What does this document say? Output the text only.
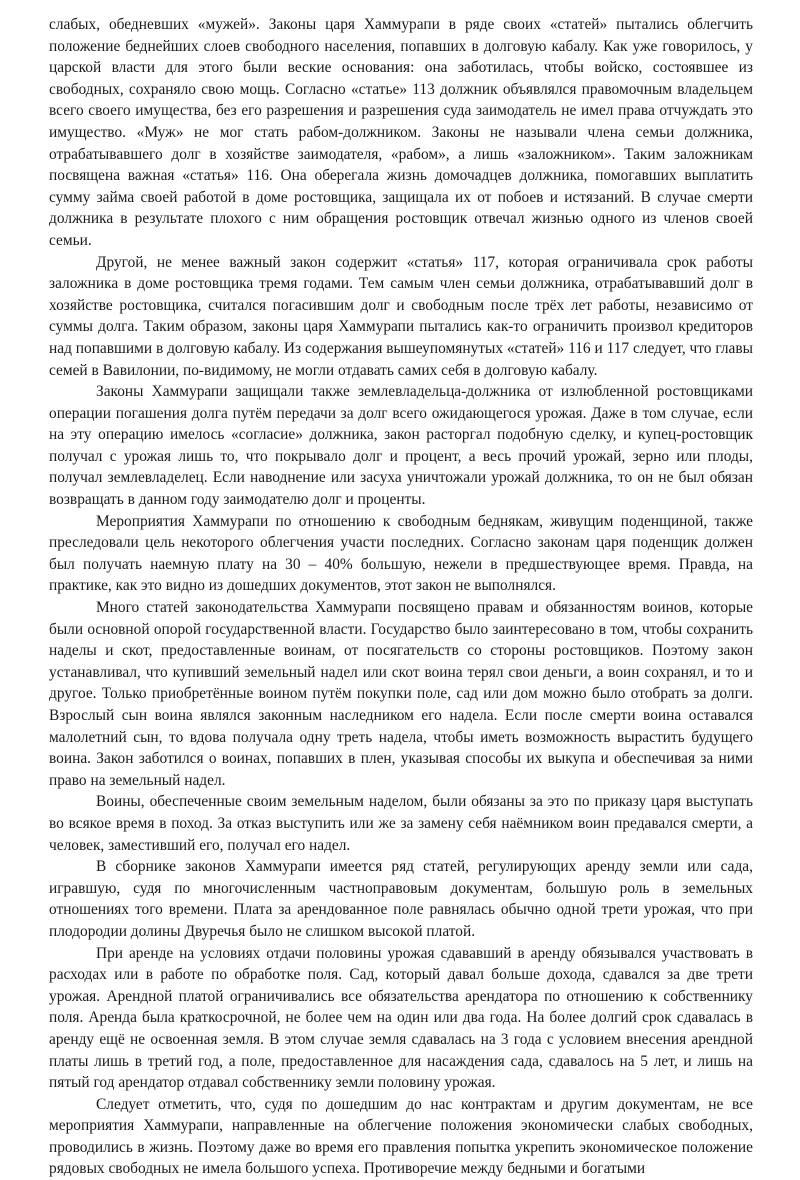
слабых, обедневших «мужей». Законы царя Хаммурапи в ряде своих «статей» пытались облегчить положение беднейших слоев свободного населения, попавших в долговую кабалу. Как уже говорилось, у царской власти для этого были веские основания: она заботилась, чтобы войско, состоявшее из свободных, сохраняло свою мощь. Согласно «статье» 113 должник объявлялся правомочным владельцем всего своего имущества, без его разрешения и разрешения суда заимодатель не имел права отчуждать это имущество. «Муж» не мог стать рабом-должником. Законы не называли члена семьи должника, отрабатывавшего долг в хозяйстве заимодателя, «рабом», а лишь «заложником». Таким заложникам посвящена важная «статья» 116. Она оберегала жизнь домочадцев должника, помогавших выплатить сумму займа своей работой в доме ростовщика, защищала их от побоев и истязаний. В случае смерти должника в результате плохого с ним обращения ростовщик отвечал жизнью одного из членов своей семьи.

Другой, не менее важный закон содержит «статья» 117, которая ограничивала срок работы заложника в доме ростовщика тремя годами. Тем самым член семьи должника, отрабатывавший долг в хозяйстве ростовщика, считался погасившим долг и свободным после трёх лет работы, независимо от суммы долга. Таким образом, законы царя Хаммурапи пытались как-то ограничить произвол кредиторов над попавшими в долговую кабалу. Из содержания вышеупомянутых «статей» 116 и 117 следует, что главы семей в Вавилонии, по-видимому, не могли отдавать самих себя в долговую кабалу.

Законы Хаммурапи защищали также землевладельца-должника от излюбленной ростовщиками операции погашения долга путём передачи за долг всего ожидающегося урожая. Даже в том случае, если на эту операцию имелось «согласие» должника, закон расторгал подобную сделку, и купец-ростовщик получал с урожая лишь то, что покрывало долг и процент, а весь прочий урожай, зерно или плоды, получал землевладелец. Если наводнение или засуха уничтожали урожай должника, то он не был обязан возвращать в данном году заимодателю долг и проценты.

Мероприятия Хаммурапи по отношению к свободным беднякам, живущим поденщиной, также преследовали цель некоторого облегчения участи последних. Согласно законам царя поденщик должен был получать наемную плату на 30 – 40% большую, нежели в предшествующее время. Правда, на практике, как это видно из дошедших документов, этот закон не выполнялся.

Много статей законодательства Хаммурапи посвящено правам и обязанностям воинов, которые были основной опорой государственной власти. Государство было заинтересовано в том, чтобы сохранить наделы и скот, предоставленные воинам, от посягательств со стороны ростовщиков. Поэтому закон устанавливал, что купивший земельный надел или скот воина терял свои деньги, а воин сохранял, и то и другое. Только приобретённые воином путём покупки поле, сад или дом можно было отобрать за долги. Взрослый сын воина являлся законным наследником его надела. Если после смерти воина оставался малолетний сын, то вдова получала одну треть надела, чтобы иметь возможность вырастить будущего воина. Закон заботился о воинах, попавших в плен, указывая способы их выкупа и обеспечивая за ними право на земельный надел.

Воины, обеспеченные своим земельным наделом, были обязаны за это по приказу царя выступать во всякое время в поход. За отказ выступить или же за замену себя наёмником воин предавался смерти, а человек, заместивший его, получал его надел.

В сборнике законов Хаммурапи имеется ряд статей, регулирующих аренду земли или сада, игравшую, судя по многочисленным частноправовым документам, большую роль в земельных отношениях того времени. Плата за арендованное поле равнялась обычно одной трети урожая, что при плодородии долины Двуречья было не слишком высокой платой.

При аренде на условиях отдачи половины урожая сдававший в аренду обязывался участвовать в расходах или в работе по обработке поля. Сад, который давал больше дохода, сдавался за две трети урожая. Арендной платой ограничивались все обязательства арендатора по отношению к собственнику поля. Аренда была краткосрочной, не более чем на один или два года. На более долгий срок сдавалась в аренду ещё не освоенная земля. В этом случае земля сдавалась на 3 года с условием внесения арендной платы лишь в третий год, а поле, предоставленное для насаждения сада, сдавалось на 5 лет, и лишь на пятый год арендатор отдавал собственнику земли половину урожая.

Следует отметить, что, судя по дошедшим до нас контрактам и другим документам, не все мероприятия Хаммурапи, направленные на облегчение положения экономически слабых свободных, проводились в жизнь. Поэтому даже во время его правления попытка укрепить экономическое положение рядовых свободных не имела большого успеха. Противоречие между бедными и богатыми
